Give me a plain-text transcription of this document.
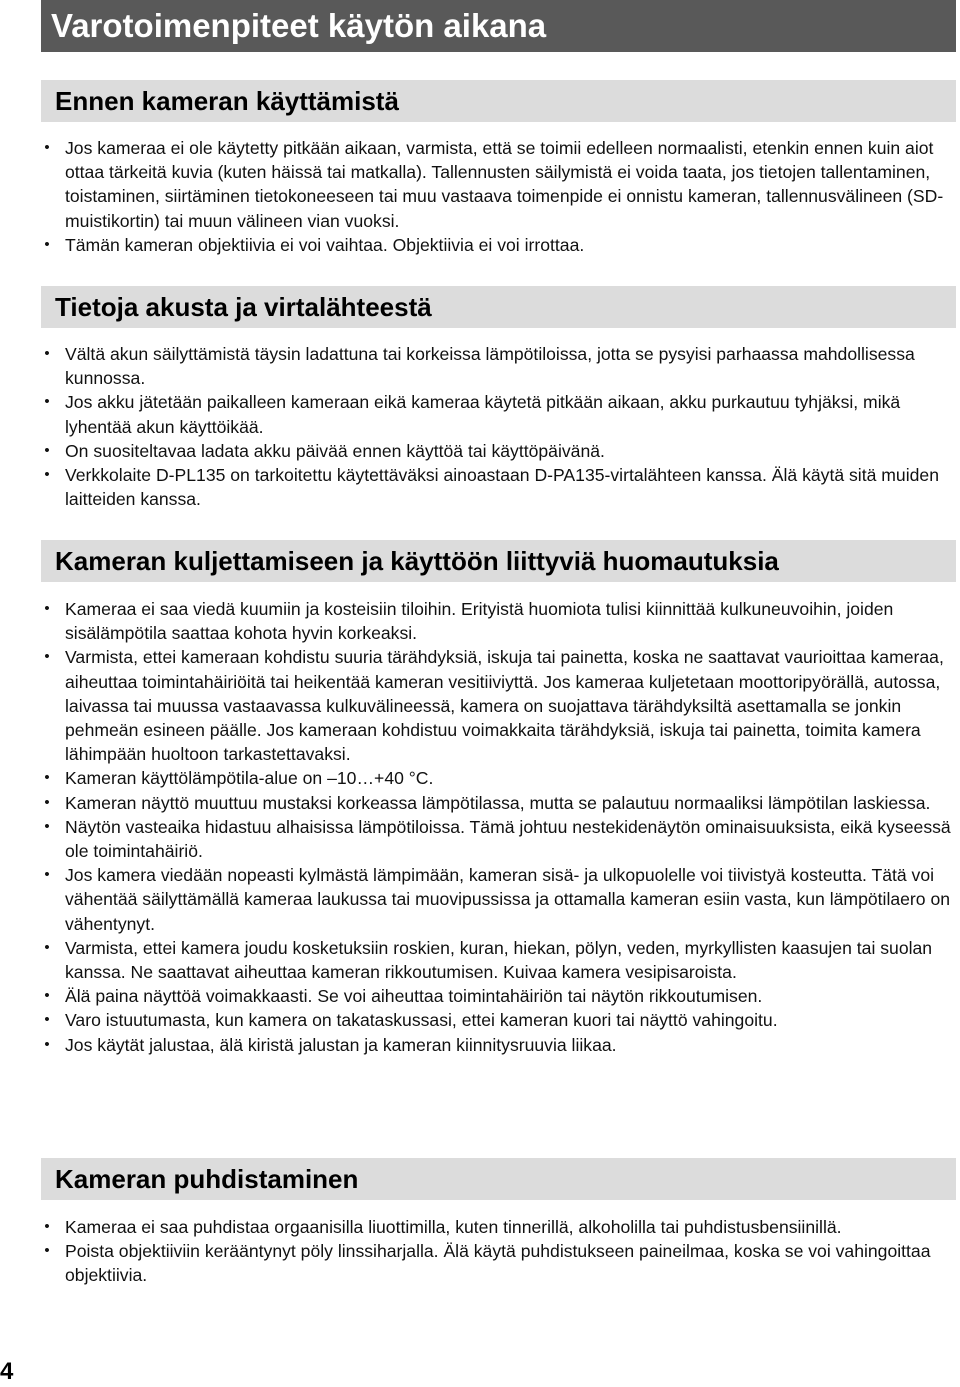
Varotoimenpiteet käytön aikana
Ennen kameran käyttämistä
• Jos kameraa ei ole käytetty pitkään aikaan, varmista, että se toimii edelleen normaalisti, etenkin ennen kuin aiot ottaa tärkeitä kuvia (kuten häissä tai matkalla). Tallennusten säilymistä ei voida taata, jos tietojen tallentaminen, toistaminen, siirtäminen tietokoneeseen tai muu vastaava toimenpide ei onnistu kameran, tallennusvälineen (SD-muistikortin) tai muun välineen vian vuoksi.
• Tämän kameran objektiivia ei voi vaihtaa. Objektiivia ei voi irrottaa.
Tietoja akusta ja virtalähteestä
• Vältä akun säilyttämistä täysin ladattuna tai korkeissa lämpötiloissa, jotta se pysyisi parhaassa mahdollisessa kunnossa.
• Jos akku jätetään paikalleen kameraan eikä kameraa käytetä pitkään aikaan, akku purkautuu tyhjäksi, mikä lyhentää akun käyttöikää.
• On suositeltavaa ladata akku päivää ennen käyttöä tai käyttöpäivänä.
• Verkkolaite D-PL135 on tarkoitettu käytettäväksi ainoastaan D-PA135-virtalähteen kanssa. Älä käytä sitä muiden laitteiden kanssa.
Kameran kuljettamiseen ja käyttöön liittyviä huomautuksia
• Kameraa ei saa viedä kuumiin ja kosteisiin tiloihin. Erityistä huomiota tulisi kiinnittää kulkuneuvoihin, joiden sisälämpötila saattaa kohota hyvin korkeaksi.
• Varmista, ettei kameraan kohdistu suuria tärähdyksiä, iskuja tai painetta, koska ne saattavat vaurioittaa kameraa, aiheuttaa toimintahäiriöitä tai heikentää kameran vesitiiviyttä. Jos kameraa kuljetetaan moottoripyörällä, autossa, laivassa tai muussa vastaavassa kulkuvälineessä, kamera on suojattava tärähdyksiltä asettamalla se jonkin pehmeän esineen päälle. Jos kameraan kohdistuu voimakkaita tärähdyksiä, iskuja tai painetta, toimita kamera lähimpään huoltoon tarkastettavaksi.
• Kameran käyttölämpötila-alue on –10…+40 °C.
• Kameran näyttö muuttuu mustaksi korkeassa lämpötilassa, mutta se palautuu normaaliksi lämpötilan laskiessa.
• Näytön vasteaika hidastuu alhaisissa lämpötiloissa. Tämä johtuu nestekidenäytön ominaisuuksista, eikä kyseessä ole toimintahäiriö.
• Jos kamera viedään nopeasti kylmästä lämpimään, kameran sisä- ja ulkopuolelle voi tiivistyä kosteutta. Tätä voi vähentää säilyttämällä kameraa laukussa tai muovipussissa ja ottamalla kameran esiin vasta, kun lämpötilaero on vähentynyt.
• Varmista, ettei kamera joudu kosketuksiin roskien, kuran, hiekan, pölyn, veden, myrkyllisten kaasujen tai suolan kanssa. Ne saattavat aiheuttaa kameran rikkoutumisen. Kuivaa kamera vesipisaroista.
• Älä paina näyttöä voimakkaasti. Se voi aiheuttaa toimintahäiriön tai näytön rikkoutumisen.
• Varo istuutumasta, kun kamera on takataskussasi, ettei kameran kuori tai näyttö vahingoitu.
• Jos käytät jalustaa, älä kiristä jalustan ja kameran kiinnitysruuvia liikaa.
Kameran puhdistaminen
• Kameraa ei saa puhdistaa orgaanisilla liuottimilla, kuten tinnerillä, alkoholilla tai puhdistusbensiinillä.
• Poista objektiiviin kerääntynyt pöly linssiharjalla. Älä käytä puhdistukseen paineilmaa, koska se voi vahingoittaa objektiivia.
4
